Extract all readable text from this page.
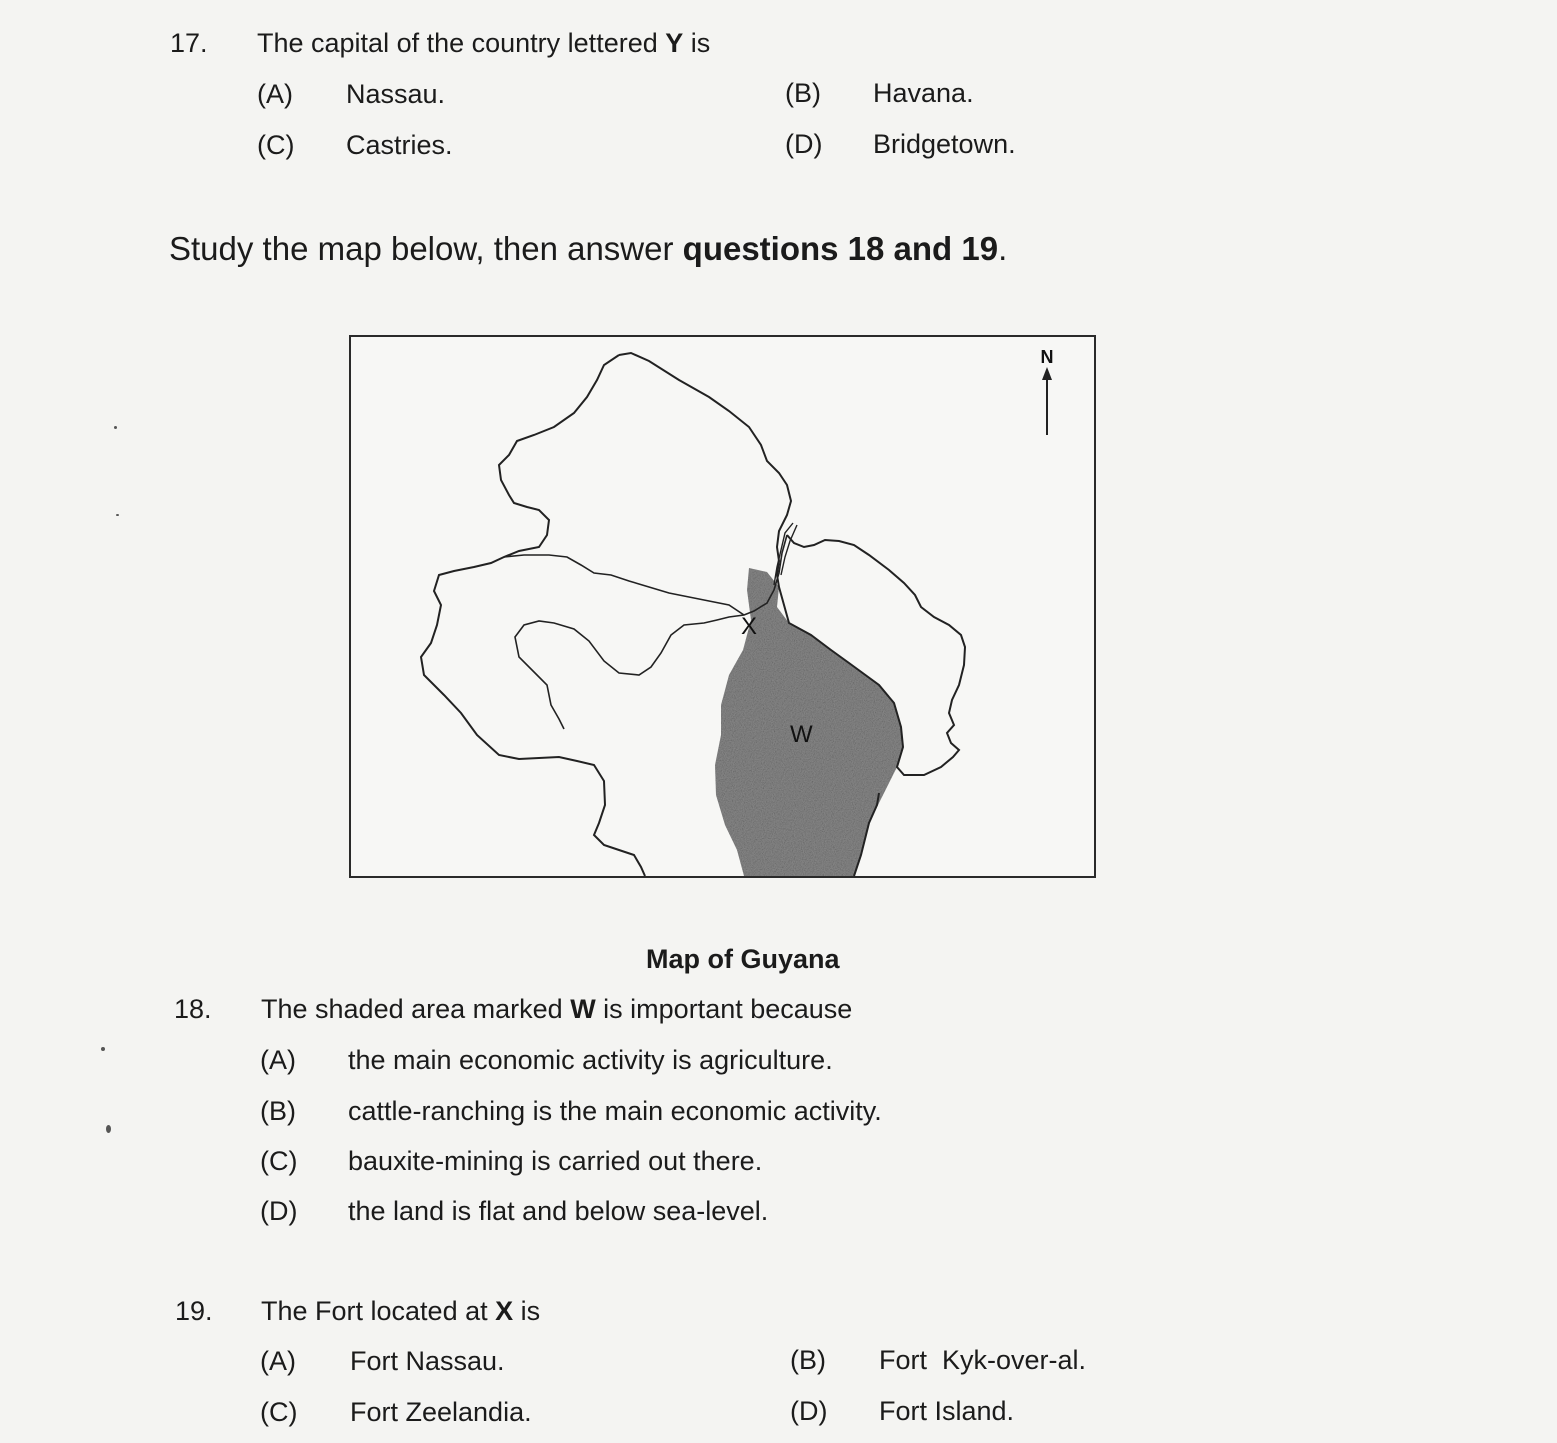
17. The capital of the country lettered Y is
(A) Nassau.	(B) Havana.
(C) Castries.	(D) Bridgetown.
Study the map below, then answer questions 18 and 19.
X
W
N
Map of Guyana
18. The shaded area marked W is important because
(A) the main economic activity is agriculture.
(B) cattle-ranching is the main economic activity.
(C) bauxite-mining is carried out there.
(D) the land is flat and below sea-level.
19. The Fort located at X is
(A) Fort Nassau.	(B) Fort  Kyk-over-al.
(C) Fort Zeelandia.	(D) Fort Island.
